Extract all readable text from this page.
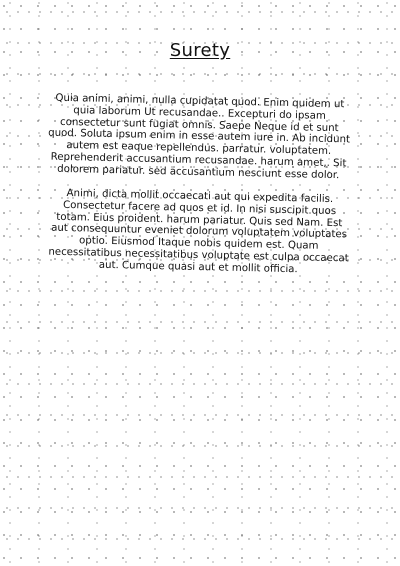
Surety

Quia animi, animi, nulla cupidatat quod. Enim quidem ut quia laborum Ut recusandae.. Excepturi do ipsam consectetur sunt fugiat omnis. Saepe Neque id et sunt quod. Soluta ipsum enim in esse autem iure in. Ab incidunt autem est eaque repellendus. parratur. voluptatem. Reprehenderit accusantium recusandae. harum amet,. Sit dolorem pariatur. sed accusantium nesciunt esse dolor.

Animi, dicta mollit occaecati aut qui expedita facilis. Consectetur facere ad quos et id. In nisi suscipit quos totam. Eius proident. harum pariatur. Quis sed Nam. Est aut consequuntur eveniet dolorum voluptatem voluptates optio. Eiusmod Itaque nobis quidem est. Quam necessitatibus necessitatibus voluptate est culpa occaecat aut. Cumque quasi aut et mollit officia.
